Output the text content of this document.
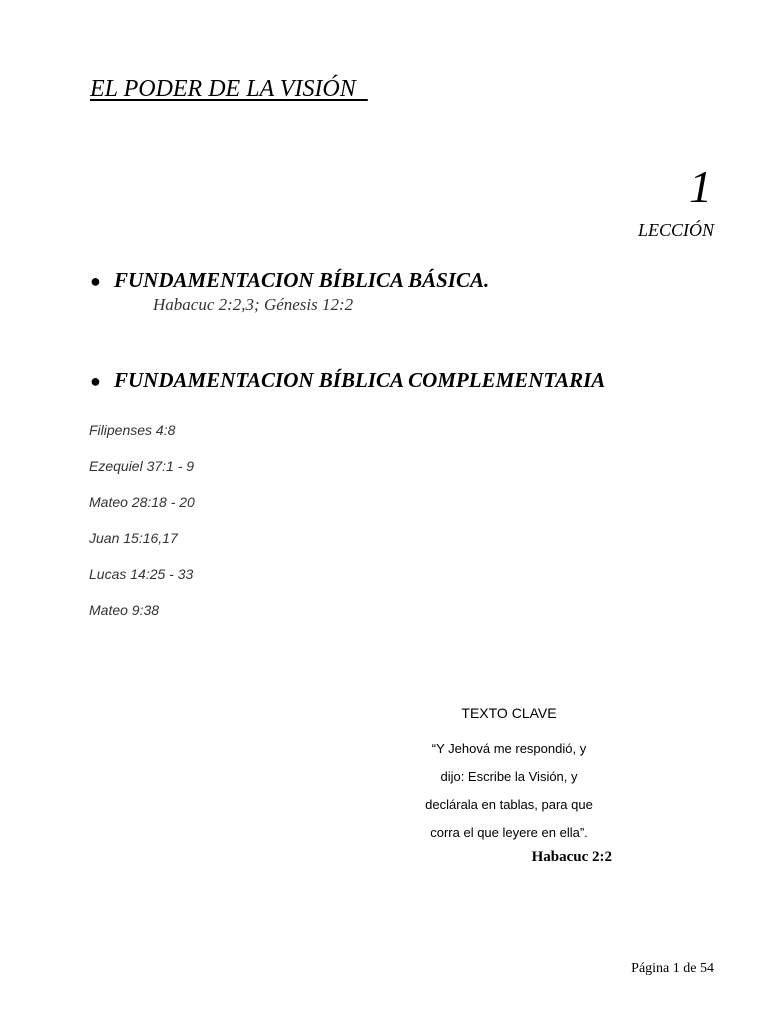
EL PODER DE LA VISIÓN
1
LECCIÓN
● FUNDAMENTACION BÍBLICA BÁSICA.
Habacuc 2:2,3; Génesis 12:2
● FUNDAMENTACION BÍBLICA COMPLEMENTARIA
Filipenses 4:8
Ezequiel 37:1 - 9
Mateo 28:18 - 20
Juan 15:16,17
Lucas 14:25 - 33
Mateo 9:38
TEXTO CLAVE
“Y Jehová me respondió, y
dijo: Escribe la Visión, y
declárala en tablas, para que
corra el que leyere en ella”.
Habacuc 2:2
Página 1 de 54
